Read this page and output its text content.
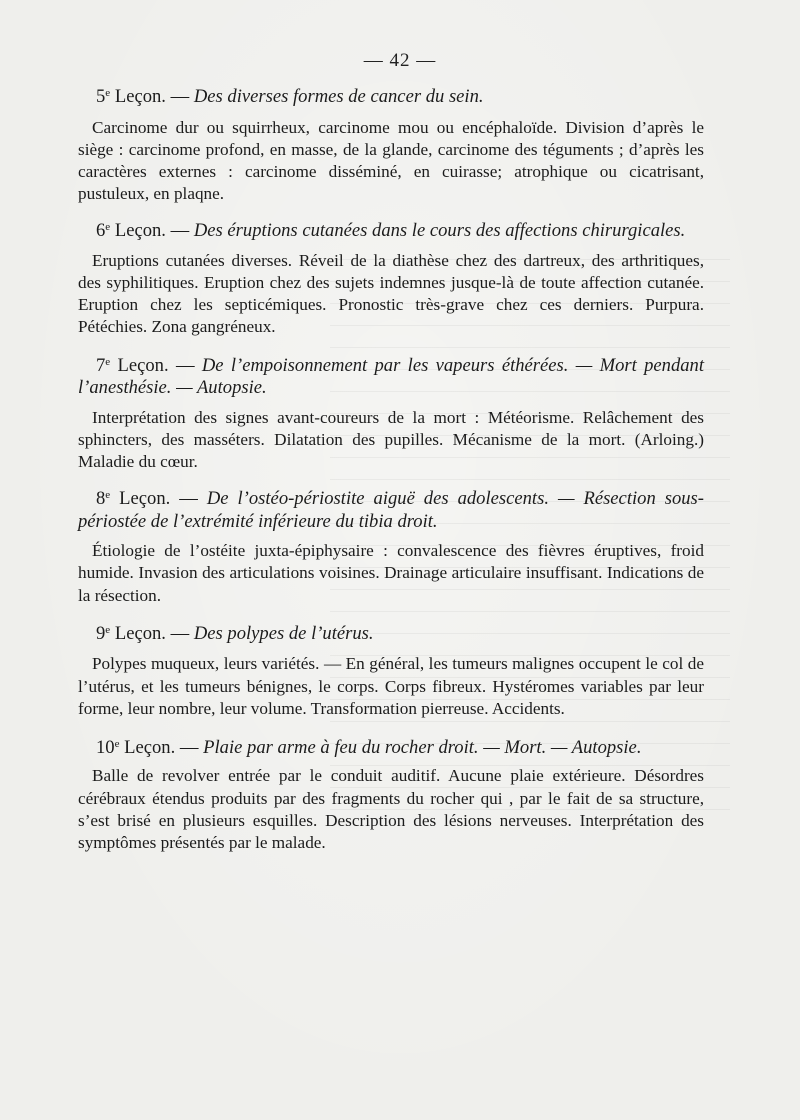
— 42 —

5e Leçon. — Des diverses formes de cancer du sein.

Carcinome dur ou squirrheux, carcinome mou ou encéphaloïde. Division d’après le siège : carcinome profond, en masse, de la glande, carcinome des téguments ; d’après les caractères externes : carcinome disséminé, en cuirasse; atrophique ou cicatrisant, pustuleux, en plaqne.

6e Leçon. — Des éruptions cutanées dans le cours des affections chirurgicales.

Eruptions cutanées diverses. Réveil de la diathèse chez des dartreux, des arthritiques, des syphilitiques. Eruption chez des sujets indemnes jusque-là de toute affection cutanée. Eruption chez les septicémiques. Pronostic très-grave chez ces derniers. Purpura. Pétéchies. Zona gangréneux.

7e Leçon. — De l’empoisonnement par les vapeurs éthérées. — Mort pendant l’anesthésie. — Autopsie.

Interprétation des signes avant-coureurs de la mort : Météorisme. Relâchement des sphincters, des masséters. Dilatation des pupilles. Mécanisme de la mort. (Arloing.) Maladie du cœur.

8e Leçon. — De l’ostéo-périostite aiguë des adolescents. — Résection sous-périostée de l’extrémité inférieure du tibia droit.

Étiologie de l’ostéite juxta-épiphysaire : convalescence des fièvres éruptives, froid humide. Invasion des articulations voisines. Drainage articulaire insuffisant. Indications de la résection.

9e Leçon. — Des polypes de l’utérus.

Polypes muqueux, leurs variétés. — En général, les tumeurs malignes occupent le col de l’utérus, et les tumeurs bénignes, le corps. Corps fibreux. Hystéromes variables par leur forme, leur nombre, leur volume. Transformation pierreuse. Accidents.

10e Leçon. — Plaie par arme à feu du rocher droit. — Mort. — Autopsie.

Balle de revolver entrée par le conduit auditif. Aucune plaie extérieure. Désordres cérébraux étendus produits par des fragments du rocher qui , par le fait de sa structure, s’est brisé en plusieurs esquilles. Description des lésions nerveuses. Interprétation des symptômes présentés par le malade.
